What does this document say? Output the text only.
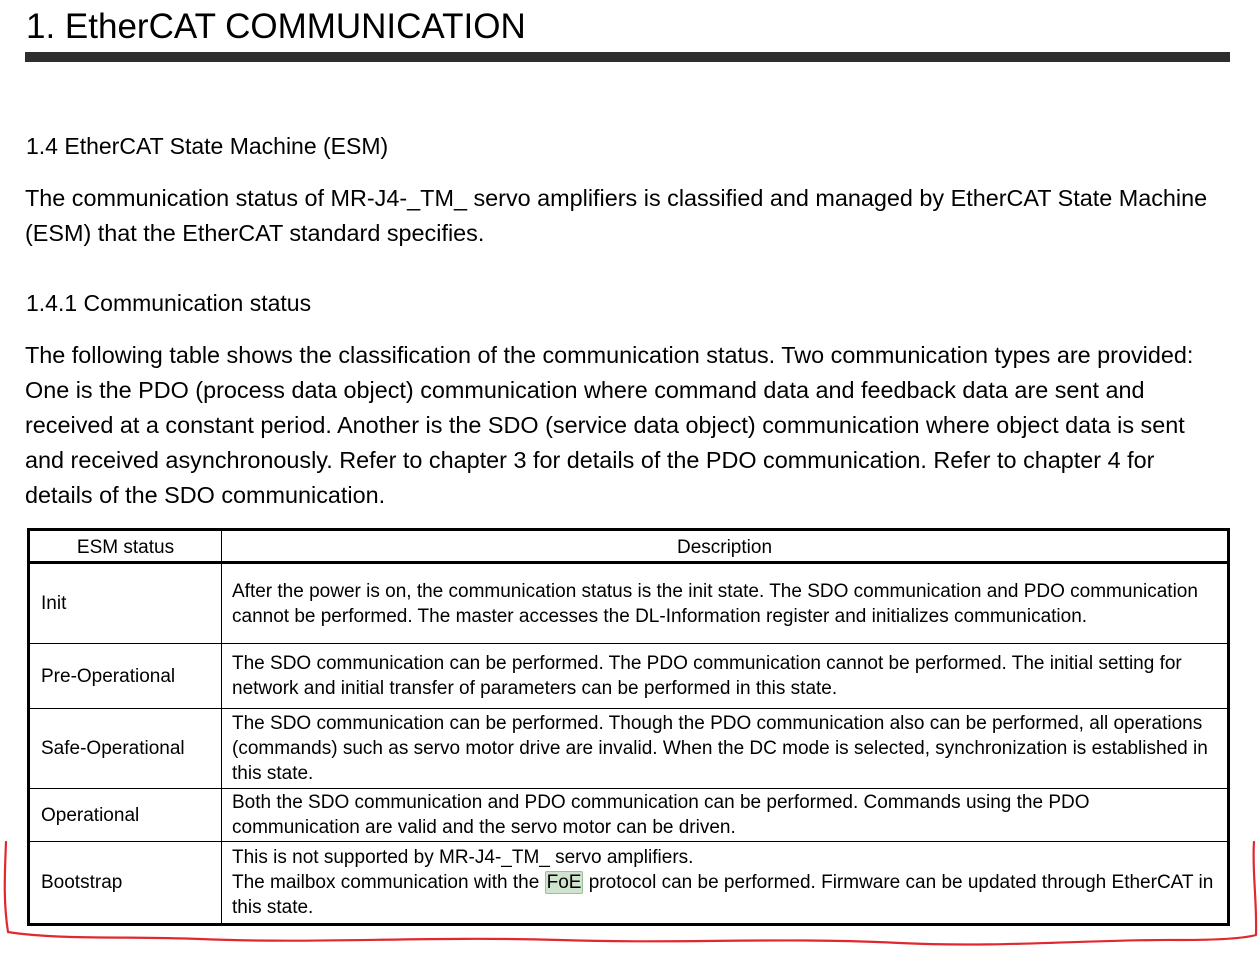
1. EtherCAT COMMUNICATION
1.4 EtherCAT State Machine (ESM)

The communication status of MR-J4-_TM_ servo amplifiers is classified and managed by EtherCAT State Machine (ESM) that the EtherCAT standard specifies.

1.4.1 Communication status

The following table shows the classification of the communication status. Two communication types are provided: One is the PDO (process data object) communication where command data and feedback data are sent and received at a constant period. Another is the SDO (service data object) communication where object data is sent and received asynchronously. Refer to chapter 3 for details of the PDO communication. Refer to chapter 4 for details of the SDO communication.

ESM status	Description
Init	After the power is on, the communication status is the init state. The SDO communication and PDO communication cannot be performed. The master accesses the DL-Information register and initializes communication.
Pre-Operational	The SDO communication can be performed. The PDO communication cannot be performed. The initial setting for network and initial transfer of parameters can be performed in this state.
Safe-Operational	The SDO communication can be performed. Though the PDO communication also can be performed, all operations (commands) such as servo motor drive are invalid. When the DC mode is selected, synchronization is established in this state.
Operational	Both the SDO communication and PDO communication can be performed. Commands using the PDO communication are valid and the servo motor can be driven.
Bootstrap	This is not supported by MR-J4-_TM_ servo amplifiers.
The mailbox communication with the FoE protocol can be performed. Firmware can be updated through EtherCAT in this state.
